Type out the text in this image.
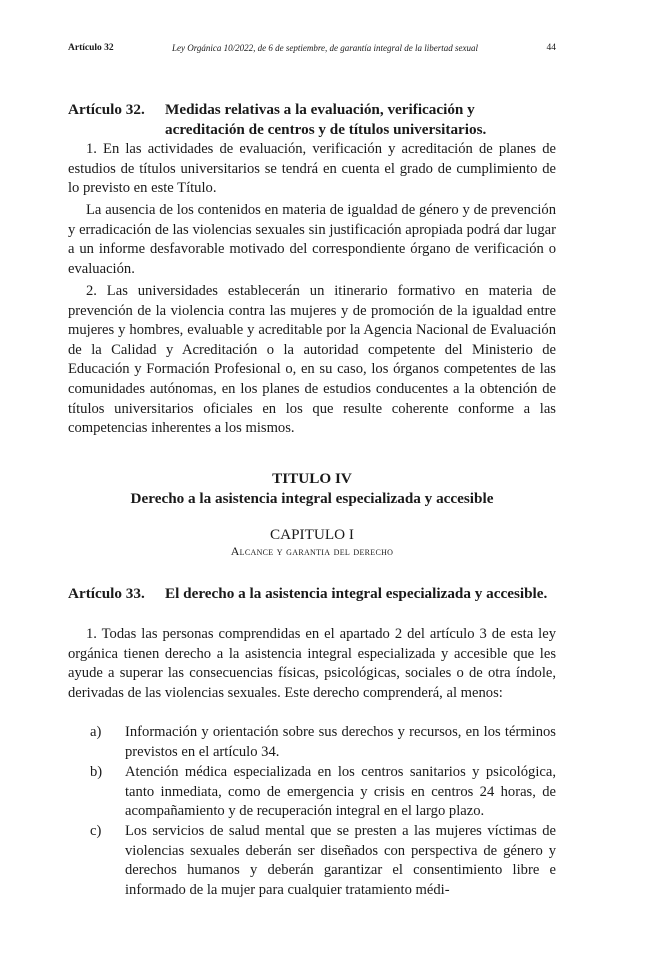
Artículo 32	Ley Orgánica 10/2022, de 6 de septiembre, de garantía integral de la libertad sexual	44
Artículo 32. Medidas relativas a la evaluación, verificación y acreditación de centros y de títulos universitarios.

1. En las actividades de evaluación, verificación y acreditación de planes de estudios de títulos universitarios se tendrá en cuenta el grado de cumplimiento de lo previsto en este Título.

La ausencia de los contenidos en materia de igualdad de género y de prevención y erradicación de las violencias sexuales sin justificación apropiada podrá dar lugar a un informe desfavorable motivado del correspondiente órgano de verificación o evaluación.

2. Las universidades establecerán un itinerario formativo en materia de prevención de la violencia contra las mujeres y de promoción de la igualdad entre mujeres y hombres, evaluable y acreditable por la Agencia Nacional de Evaluación de la Calidad y Acreditación o la autoridad competente del Ministerio de Educación y Formación Profesional o, en su caso, los órganos competentes de las comunidades autónomas, en los planes de estudios conducentes a la obtención de títulos universitarios oficiales en los que resulte coherente conforme a las competencias inherentes a los mismos.

TITULO IV
Derecho a la asistencia integral especializada y accesible
CAPITULO I
Alcance y garantia del derecho
Artículo 33. El derecho a la asistencia integral especializada y accesible.

1. Todas las personas comprendidas en el apartado 2 del artículo 3 de esta ley orgánica tienen derecho a la asistencia integral especializada y accesible que les ayude a superar las consecuencias físicas, psicológicas, sociales o de otra índole, derivadas de las violencias sexuales. Este derecho comprenderá, al menos:

a) Información y orientación sobre sus derechos y recursos, en los términos previstos en el artículo 34.
b) Atención médica especializada en los centros sanitarios y psicológica, tanto inmediata, como de emergencia y crisis en centros 24 horas, de acompañamiento y de recuperación integral en el largo plazo.
c) Los servicios de salud mental que se presten a las mujeres víctimas de violencias sexuales deberán ser diseñados con perspectiva de género y derechos humanos y deberán garantizar el consentimiento libre e informado de la mujer para cualquier tratamiento médi-
